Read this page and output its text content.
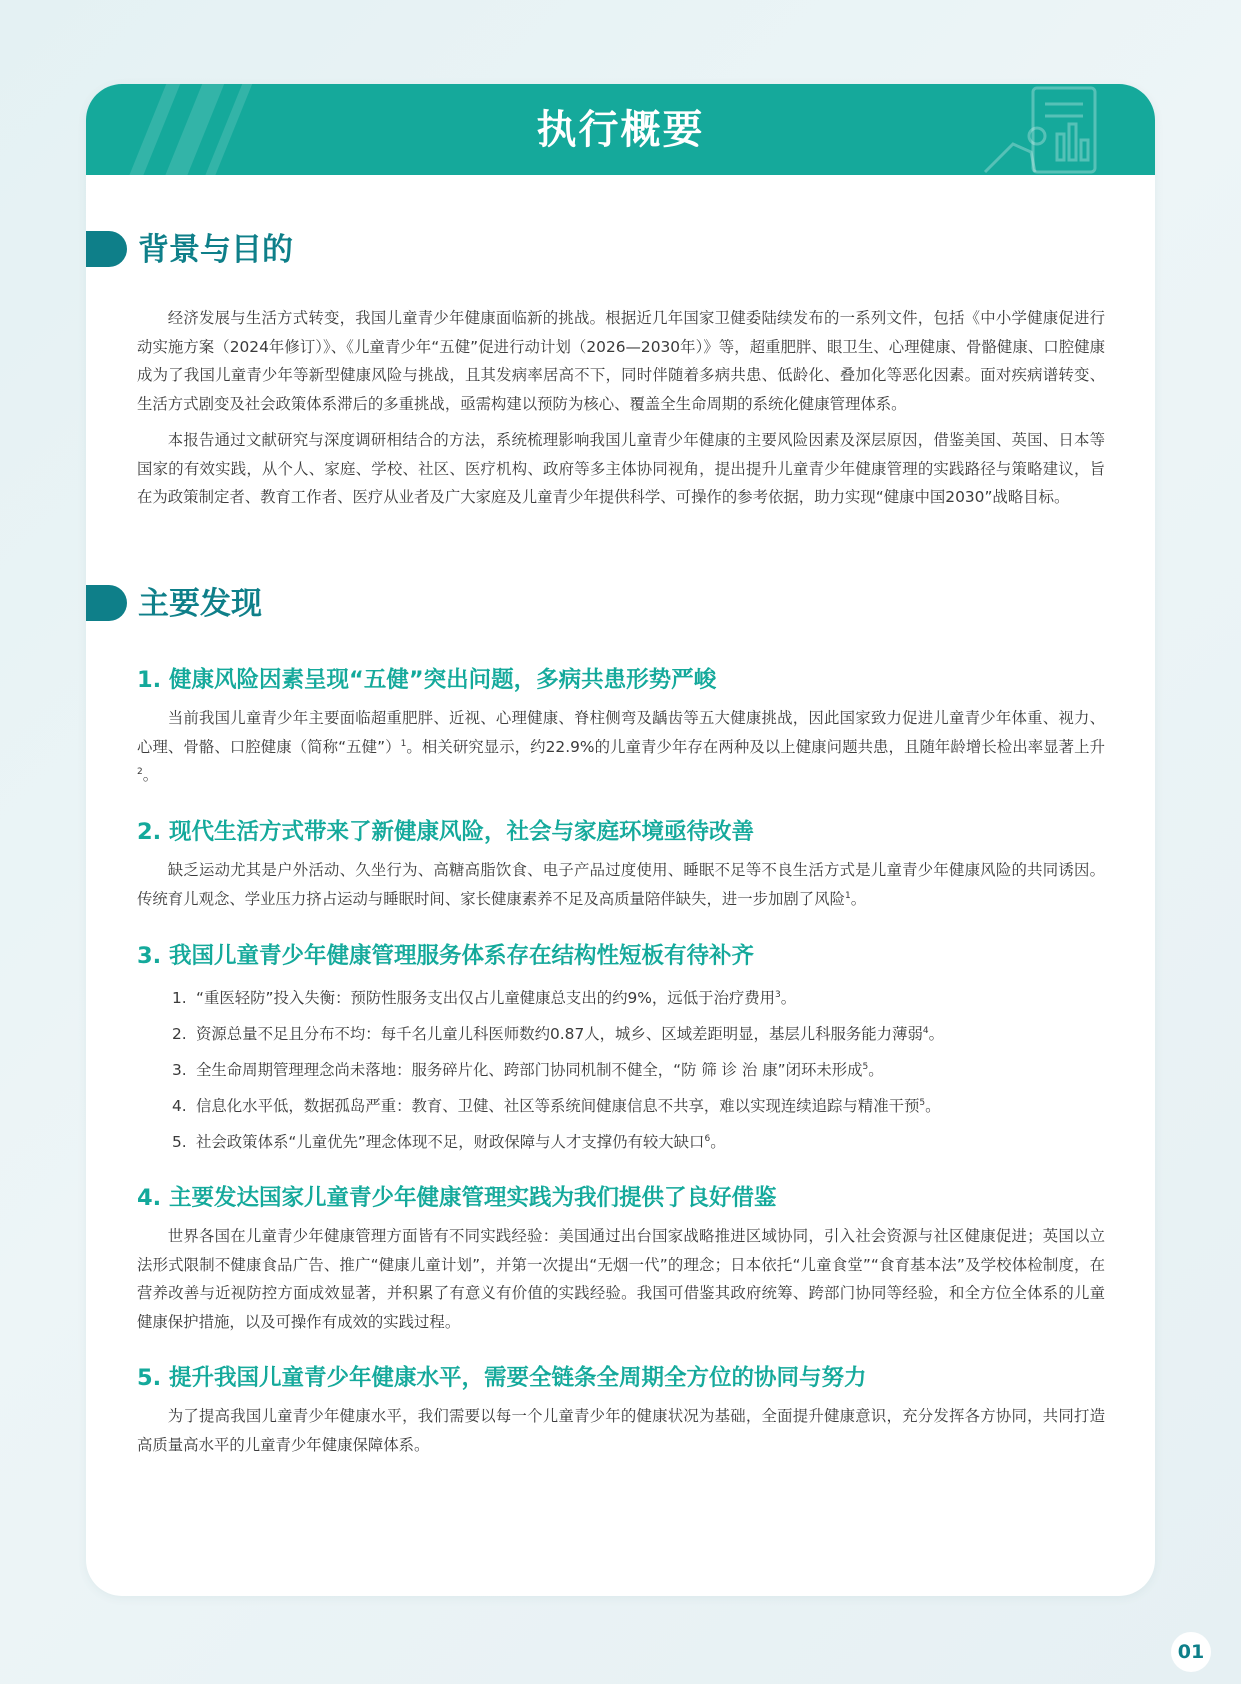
执行概要
背景与目的

经济发展与生活方式转变，我国儿童青少年健康面临新的挑战。根据近几年国家卫健委陆续发布的一系列文件，包括《中小学健康促进行动实施方案（2024年修订）》、《儿童青少年“五健”促进行动计划（2026—2030年）》等，超重肥胖、眼卫生、心理健康、骨骼健康、口腔健康成为了我国儿童青少年等新型健康风险与挑战，且其发病率居高不下，同时伴随着多病共患、低龄化、叠加化等恶化因素。面对疾病谱转变、生活方式剧变及社会政策体系滞后的多重挑战，亟需构建以预防为核心、覆盖全生命周期的系统化健康管理体系。

本报告通过文献研究与深度调研相结合的方法，系统梳理影响我国儿童青少年健康的主要风险因素及深层原因，借鉴美国、英国、日本等国家的有效实践，从个人、家庭、学校、社区、医疗机构、政府等多主体协同视角，提出提升儿童青少年健康管理的实践路径与策略建议，旨在为政策制定者、教育工作者、医疗从业者及广大家庭及儿童青少年提供科学、可操作的参考依据，助力实现“健康中国2030”战略目标。

主要发现
1. 健康风险因素呈现“五健”突出问题，多病共患形势严峻

当前我国儿童青少年主要面临超重肥胖、近视、心理健康、脊柱侧弯及龋齿等五大健康挑战，因此国家致力促进儿童青少年体重、视力、心理、骨骼、口腔健康（简称“五健”）$^1$。相关研究显示，约22.9%的儿童青少年存在两种及以上健康问题共患，且随年龄增长检出率显著上升$^2$。

2. 现代生活方式带来了新健康风险，社会与家庭环境亟待改善

缺乏运动尤其是户外活动、久坐行为、高糖高脂饮食、电子产品过度使用、睡眠不足等不良生活方式是儿童青少年健康风险的共同诱因。传统育儿观念、学业压力挤占运动与睡眠时间、家长健康素养不足及高质量陪伴缺失，进一步加剧了风险$^1$。

3. 我国儿童青少年健康管理服务体系存在结构性短板有待补齐
1. “重医轻防”投入失衡：预防性服务支出仅占儿童健康总支出的约9%，远低于治疗费用$^3$。
2. 资源总量不足且分布不均：每千名儿童儿科医师数约0.87人，城乡、区域差距明显，基层儿科服务能力薄弱$^4$。
3. 全生命周期管理理念尚未落地：服务碎片化、跨部门协同机制不健全，“防 筛 诊 治 康”闭环未形成$^5$。
4. 信息化水平低，数据孤岛严重：教育、卫健、社区等系统间健康信息不共享，难以实现连续追踪与精准干预$^5$。
5. 社会政策体系“儿童优先”理念体现不足，财政保障与人才支撑仍有较大缺口$^6$。
4. 主要发达国家儿童青少年健康管理实践为我们提供了良好借鉴

世界各国在儿童青少年健康管理方面皆有不同实践经验：美国通过出台国家战略推进区域协同，引入社会资源与社区健康促进；英国以立法形式限制不健康食品广告、推广“健康儿童计划”，并第一次提出“无烟一代”的理念；日本依托“儿童食堂”“食育基本法”及学校体检制度，在营养改善与近视防控方面成效显著，并积累了有意义有价值的实践经验。我国可借鉴其政府统筹、跨部门协同等经验，和全方位全体系的儿童健康保护措施，以及可操作有成效的实践过程。

5. 提升我国儿童青少年健康水平，需要全链条全周期全方位的协同与努力

为了提高我国儿童青少年健康水平，我们需要以每一个儿童青少年的健康状况为基础，全面提升健康意识，充分发挥各方协同，共同打造高质量高水平的儿童青少年健康保障体系。

01
